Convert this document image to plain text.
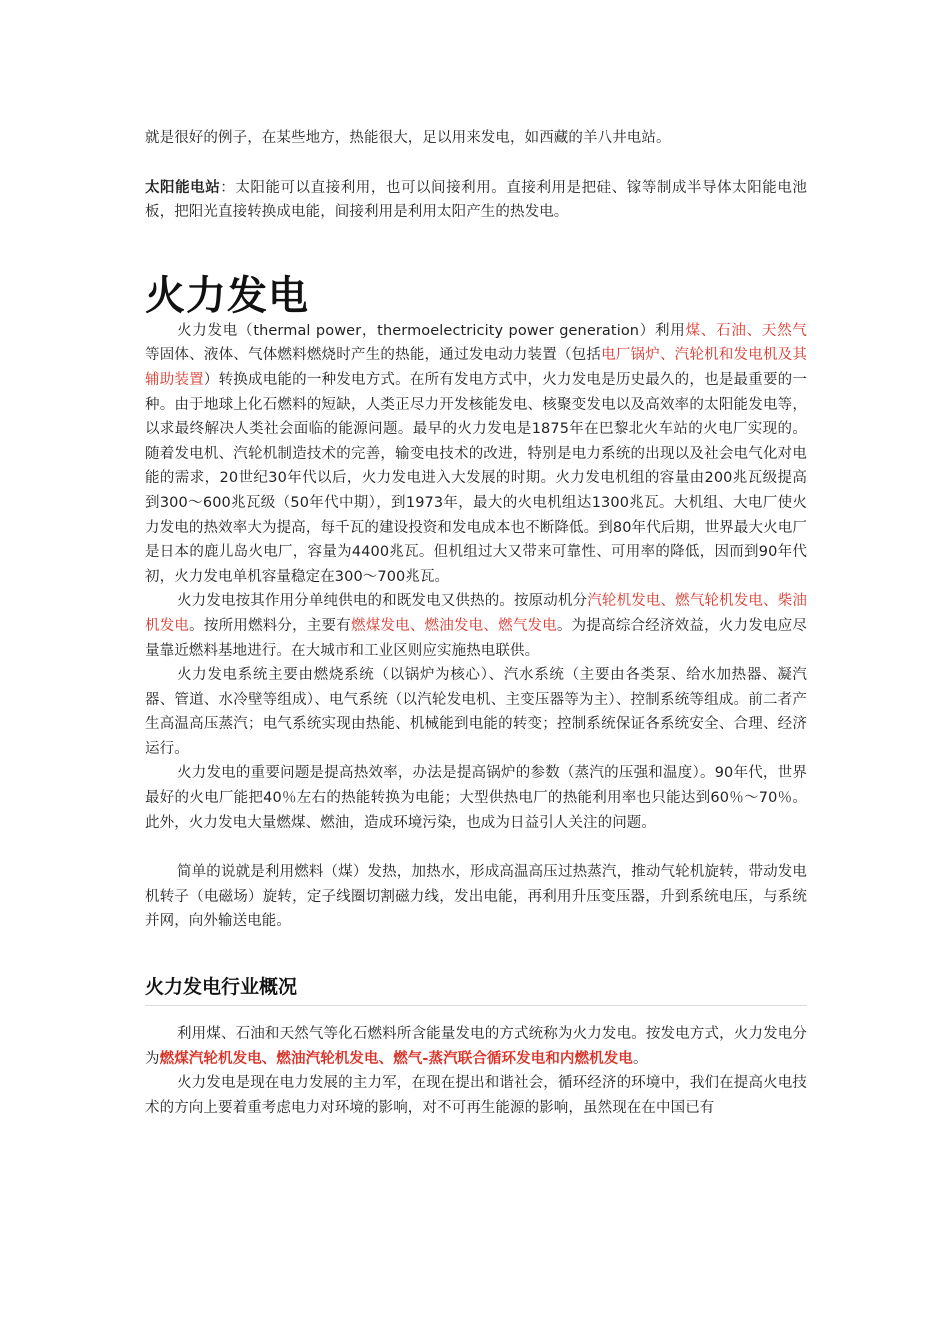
就是很好的例子，在某些地方，热能很大，足以用来发电，如西藏的羊八井电站。

太阳能电站：太阳能可以直接利用，也可以间接利用。直接利用是把硅、镓等制成半导体太阳能电池板，把阳光直接转换成电能，间接利用是利用太阳产生的热发电。

火力发电

火力发电（thermal power，thermoelectricity power generation）利用煤、石油、天然气等固体、液体、气体燃料燃烧时产生的热能，通过发电动力装置（包括电厂锅炉、汽轮机和发电机及其辅助装置）转换成电能的一种发电方式。在所有发电方式中，火力发电是历史最久的，也是最重要的一种。由于地球上化石燃料的短缺，人类正尽力开发核能发电、核聚变发电以及高效率的太阳能发电等，以求最终解决人类社会面临的能源问题。最早的火力发电是1875年在巴黎北火车站的火电厂实现的。随着发电机、汽轮机制造技术的完善，输变电技术的改进，特别是电力系统的出现以及社会电气化对电能的需求，20世纪30年代以后，火力发电进入大发展的时期。火力发电机组的容量由200兆瓦级提高到300～600兆瓦级（50年代中期），到1973年，最大的火电机组达1300兆瓦。大机组、大电厂使火力发电的热效率大为提高，每千瓦的建设投资和发电成本也不断降低。到80年代后期，世界最大火电厂是日本的鹿儿岛火电厂，容量为4400兆瓦。但机组过大又带来可靠性、可用率的降低，因而到90年代初，火力发电单机容量稳定在300～700兆瓦。

火力发电按其作用分单纯供电的和既发电又供热的。按原动机分汽轮机发电、燃气轮机发电、柴油机发电。按所用燃料分，主要有燃煤发电、燃油发电、燃气发电。为提高综合经济效益，火力发电应尽量靠近燃料基地进行。在大城市和工业区则应实施热电联供。

火力发电系统主要由燃烧系统（以锅炉为核心）、汽水系统（主要由各类泵、给水加热器、凝汽器、管道、水冷壁等组成）、电气系统（以汽轮发电机、主变压器等为主）、控制系统等组成。前二者产生高温高压蒸汽；电气系统实现由热能、机械能到电能的转变；控制系统保证各系统安全、合理、经济运行。

火力发电的重要问题是提高热效率，办法是提高锅炉的参数（蒸汽的压强和温度）。90年代，世界最好的火电厂能把40％左右的热能转换为电能；大型供热电厂的热能利用率也只能达到60％～70％。此外，火力发电大量燃煤、燃油，造成环境污染，也成为日益引人关注的问题。

简单的说就是利用燃料（煤）发热，加热水，形成高温高压过热蒸汽，推动气轮机旋转，带动发电机转子（电磁场）旋转，定子线圈切割磁力线，发出电能，再利用升压变压器，升到系统电压，与系统并网，向外输送电能。

火力发电行业概况

利用煤、石油和天然气等化石燃料所含能量发电的方式统称为火力发电。按发电方式，火力发电分为燃煤汽轮机发电、燃油汽轮机发电、燃气-蒸汽联合循环发电和内燃机发电。

火力发电是现在电力发展的主力军，在现在提出和谐社会，循环经济的环境中，我们在提高火电技术的方向上要着重考虑电力对环境的影响，对不可再生能源的影响，虽然现在在中国已有
